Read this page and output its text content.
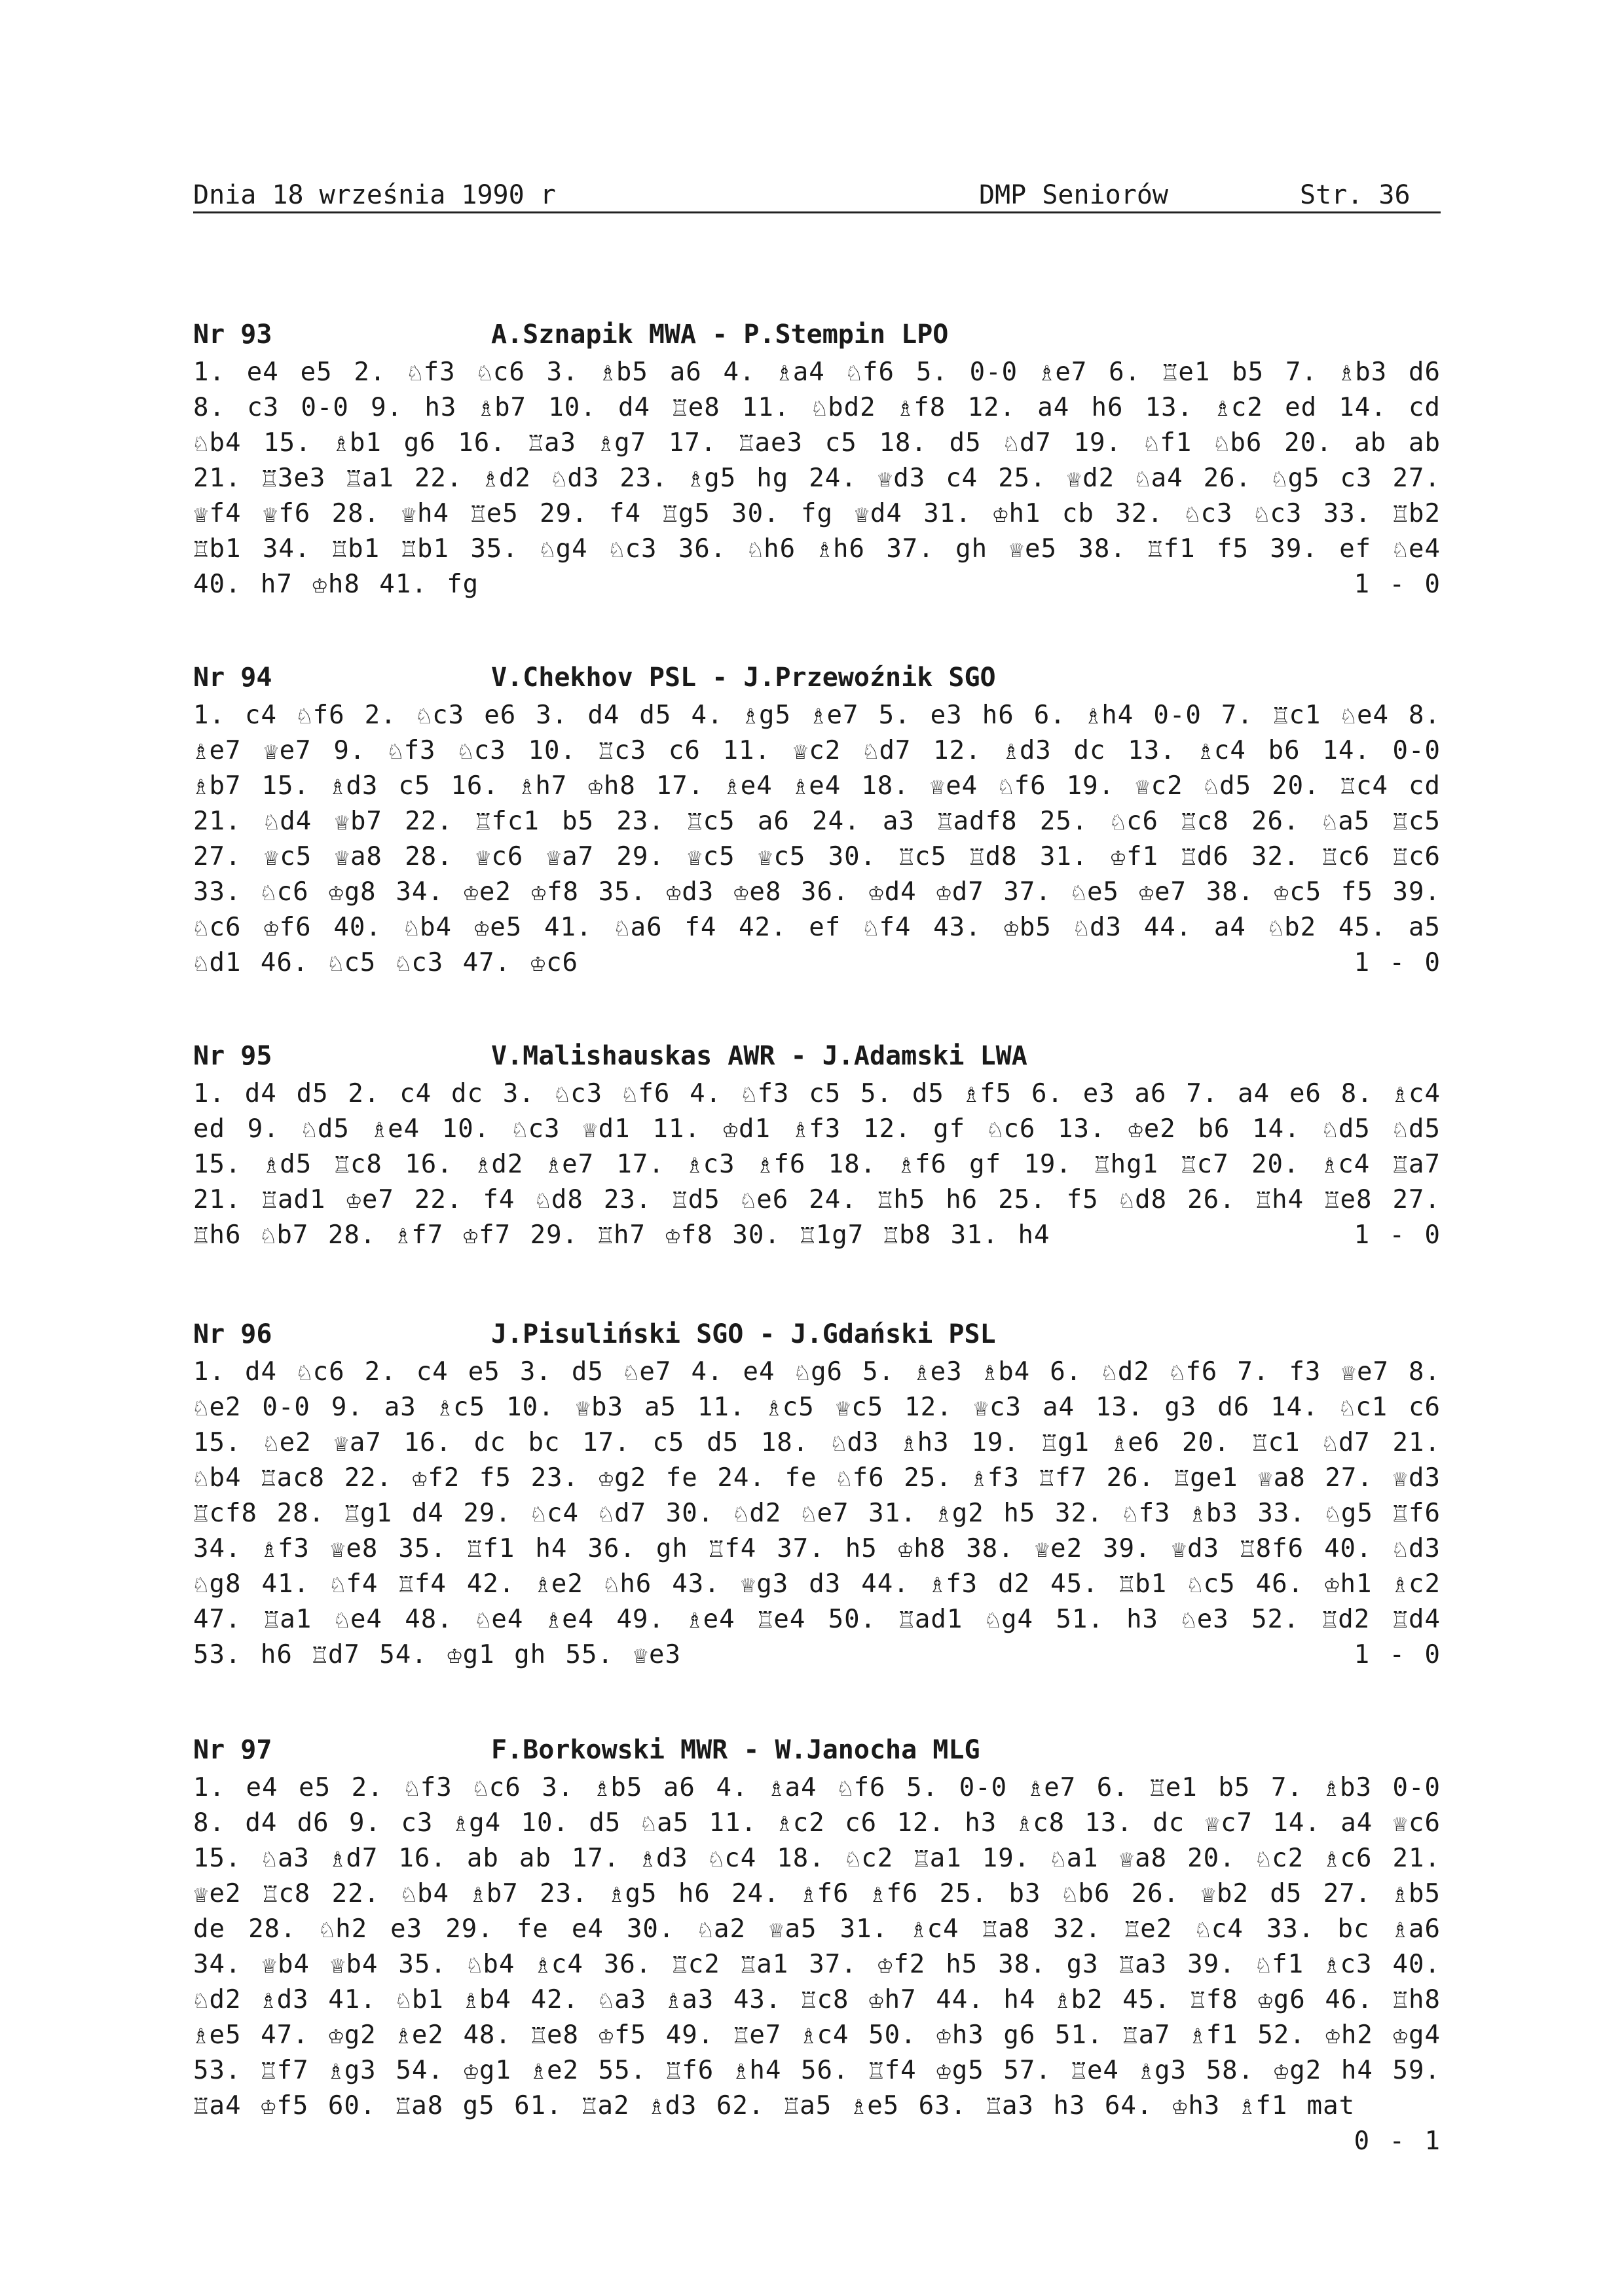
Dnia 18 września 1990 r	DMP Seniorów	Str. 36

Nr 93	A.Sznapik MWA - P.Stempin LPO
1. e4 e5 2. ♘f3 ♘c6 3. ♗b5 a6 4. ♗a4 ♘f6 5. 0-0 ♗e7 6. ♖e1 b5 7. ♗b3 d6 8. c3 0-0 9. h3 ♗b7 10. d4 ♖e8 11. ♘bd2 ♗f8 12. a4 h6 13. ♗c2 ed 14. cd ♘b4 15. ♗b1 g6 16. ♖a3 ♗g7 17. ♖ae3 c5 18. d5 ♘d7 19. ♘f1 ♘b6 20. ab ab 21. ♖3e3 ♖a1 22. ♗d2 ♘d3 23. ♗g5 hg 24. ♕d3 c4 25. ♕d2 ♘a4 26. ♘g5 c3 27. ♕f4 ♕f6 28. ♕h4 ♖e5 29. f4 ♖g5 30. fg ♕d4 31. ♔h1 cb 32. ♘c3 ♘c3 33. ♖b2 ♖b1 34. ♖b1 ♖b1 35. ♘g4 ♘c3 36. ♘h6 ♗h6 37. gh ♕e5 38. ♖f1 f5 39. ef ♘e4 40. h7 ♔h8 41. fg	1 - 0
Nr 94	V.Chekhov PSL - J.Przewoźnik SGO
1. c4 ♘f6 2. ♘c3 e6 3. d4 d5 4. ♗g5 ♗e7 5. e3 h6 6. ♗h4 0-0 7. ♖c1 ♘e4 8. ♗e7 ♕e7 9. ♘f3 ♘c3 10. ♖c3 c6 11. ♕c2 ♘d7 12. ♗d3 dc 13. ♗c4 b6 14. 0-0 ♗b7 15. ♗d3 c5 16. ♗h7 ♔h8 17. ♗e4 ♗e4 18. ♕e4 ♘f6 19. ♕c2 ♘d5 20. ♖c4 cd 21. ♘d4 ♕b7 22. ♖fc1 b5 23. ♖c5 a6 24. a3 ♖adf8 25. ♘c6 ♖c8 26. ♘a5 ♖c5 27. ♕c5 ♕a8 28. ♕c6 ♕a7 29. ♕c5 ♕c5 30. ♖c5 ♖d8 31. ♔f1 ♖d6 32. ♖c6 ♖c6 33. ♘c6 ♔g8 34. ♔e2 ♔f8 35. ♔d3 ♔e8 36. ♔d4 ♔d7 37. ♘e5 ♔e7 38. ♔c5 f5 39. ♘c6 ♔f6 40. ♘b4 ♔e5 41. ♘a6 f4 42. ef ♘f4 43. ♔b5 ♘d3 44. a4 ♘b2 45. a5 ♘d1 46. ♘c5 ♘c3 47. ♔c6	1 - 0
Nr 95	V.Malishauskas AWR - J.Adamski LWA
1. d4 d5 2. c4 dc 3. ♘c3 ♘f6 4. ♘f3 c5 5. d5 ♗f5 6. e3 a6 7. a4 e6 8. ♗c4 ed 9. ♘d5 ♗e4 10. ♘c3 ♕d1 11. ♔d1 ♗f3 12. gf ♘c6 13. ♔e2 b6 14. ♘d5 ♘d5 15. ♗d5 ♖c8 16. ♗d2 ♗e7 17. ♗c3 ♗f6 18. ♗f6 gf 19. ♖hg1 ♖c7 20. ♗c4 ♖a7 21. ♖ad1 ♔e7 22. f4 ♘d8 23. ♖d5 ♘e6 24. ♖h5 h6 25. f5 ♘d8 26. ♖h4 ♖e8 27. ♖h6 ♘b7 28. ♗f7 ♔f7 29. ♖h7 ♔f8 30. ♖1g7 ♖b8 31. h4	1 - 0
Nr 96	J.Pisuliński SGO - J.Gdański PSL
1. d4 ♘c6 2. c4 e5 3. d5 ♘e7 4. e4 ♘g6 5. ♗e3 ♗b4 6. ♘d2 ♘f6 7. f3 ♕e7 8. ♘e2 0-0 9. a3 ♗c5 10. ♕b3 a5 11. ♗c5 ♕c5 12. ♕c3 a4 13. g3 d6 14. ♘c1 c6 15. ♘e2 ♕a7 16. dc bc 17. c5 d5 18. ♘d3 ♗h3 19. ♖g1 ♗e6 20. ♖c1 ♘d7 21. ♘b4 ♖ac8 22. ♔f2 f5 23. ♔g2 fe 24. fe ♘f6 25. ♗f3 ♖f7 26. ♖ge1 ♕a8 27. ♕d3 ♖cf8 28. ♖g1 d4 29. ♘c4 ♘d7 30. ♘d2 ♘e7 31. ♗g2 h5 32. ♘f3 ♗b3 33. ♘g5 ♖f6 34. ♗f3 ♕e8 35. ♖f1 h4 36. gh ♖f4 37. h5 ♔h8 38. ♕e2 39. ♕d3 ♖8f6 40. ♘d3 ♘g8 41. ♘f4 ♖f4 42. ♗e2 ♘h6 43. ♕g3 d3 44. ♗f3 d2 45. ♖b1 ♘c5 46. ♔h1 ♗c2 47. ♖a1 ♘e4 48. ♘e4 ♗e4 49. ♗e4 ♖e4 50. ♖ad1 ♘g4 51. h3 ♘e3 52. ♖d2 ♖d4 53. h6 ♖d7 54. ♔g1 gh 55. ♕e3	1 - 0
Nr 97	F.Borkowski MWR - W.Janocha MLG
1. e4 e5 2. ♘f3 ♘c6 3. ♗b5 a6 4. ♗a4 ♘f6 5. 0-0 ♗e7 6. ♖e1 b5 7. ♗b3 0-0 8. d4 d6 9. c3 ♗g4 10. d5 ♘a5 11. ♗c2 c6 12. h3 ♗c8 13. dc ♕c7 14. a4 ♕c6 15. ♘a3 ♗d7 16. ab ab 17. ♗d3 ♘c4 18. ♘c2 ♖a1 19. ♘a1 ♕a8 20. ♘c2 ♗c6 21. ♕e2 ♖c8 22. ♘b4 ♗b7 23. ♗g5 h6 24. ♗f6 ♗f6 25. b3 ♘b6 26. ♕b2 d5 27. ♗b5 de 28. ♘h2 e3 29. fe e4 30. ♘a2 ♕a5 31. ♗c4 ♖a8 32. ♖e2 ♘c4 33. bc ♗a6 34. ♕b4 ♕b4 35. ♘b4 ♗c4 36. ♖c2 ♖a1 37. ♔f2 h5 38. g3 ♖a3 39. ♘f1 ♗c3 40. ♘d2 ♗d3 41. ♘b1 ♗b4 42. ♘a3 ♗a3 43. ♖c8 ♔h7 44. h4 ♗b2 45. ♖f8 ♔g6 46. ♖h8 ♗e5 47. ♔g2 ♗e2 48. ♖e8 ♔f5 49. ♖e7 ♗c4 50. ♔h3 g6 51. ♖a7 ♗f1 52. ♔h2 ♔g4 53. ♖f7 ♗g3 54. ♔g1 ♗e2 55. ♖f6 ♗h4 56. ♖f4 ♔g5 57. ♖e4 ♗g3 58. ♔g2 h4 59. ♖a4 ♔f5 60. ♖a8 g5 61. ♖a2 ♗d3 62. ♖a5 ♗e5 63. ♖a3 h3 64. ♔h3 ♗f1 mat
0 - 1
